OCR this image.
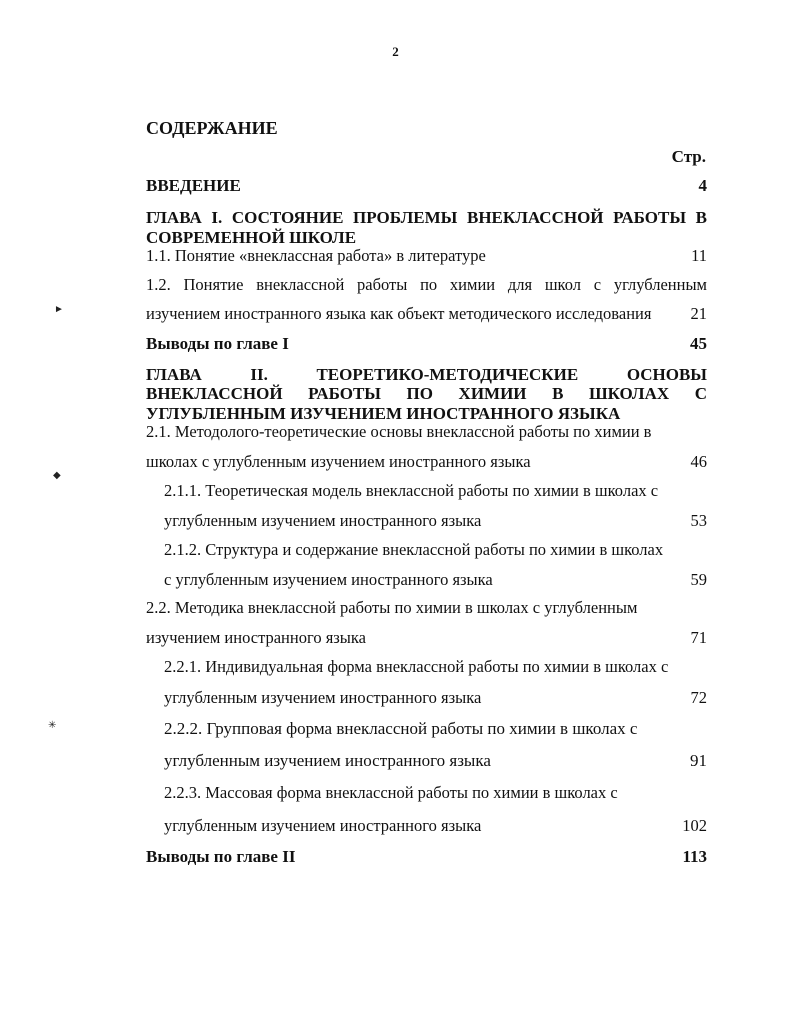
2
СОДЕРЖАНИЕ
Стр.
ВВЕДЕНИЕ	4
ГЛАВА I. СОСТОЯНИЕ ПРОБЛЕМЫ ВНЕКЛАССНОЙ РАБОТЫ В
СОВРЕМЕННОЙ ШКОЛЕ
1.1. Понятие «внеклассная работа» в литературе	11
1.2. Понятие внеклассной работы по химии для школ с углубленным
изучением иностранного языка как объект методического исследования 21
Выводы по главе I	45
ГЛАВА II. ТЕОРЕТИКО-МЕТОДИЧЕСКИЕ ОСНОВЫ
ВНЕКЛАССНОЙ РАБОТЫ ПО ХИМИИ В ШКОЛАХ С
УГЛУБЛЕННЫМ ИЗУЧЕНИЕМ ИНОСТРАННОГО ЯЗЫКА
2.1. Методолого-теоретические основы внеклассной работы по химии в
школах с углубленным изучением иностранного языка	46
2.1.1. Теоретическая модель внеклассной работы по химии в школах с
углубленным изучением иностранного языка	53
2.1.2. Структура и содержание внеклассной работы по химии в школах
с углубленным изучением иностранного языка	59
2.2. Методика внеклассной работы по химии в школах с углубленным
изучением иностранного языка	71
2.2.1. Индивидуальная форма внеклассной работы по химии в школах с
углубленным изучением иностранного языка	72
2.2.2. Групповая форма внеклассной работы по химии в школах с
углубленным изучением иностранного языка	91
2.2.3. Массовая форма внеклассной работы по химии в школах с
углубленным изучением иностранного языка	102
Выводы по главе II	113
►
◆
✳
